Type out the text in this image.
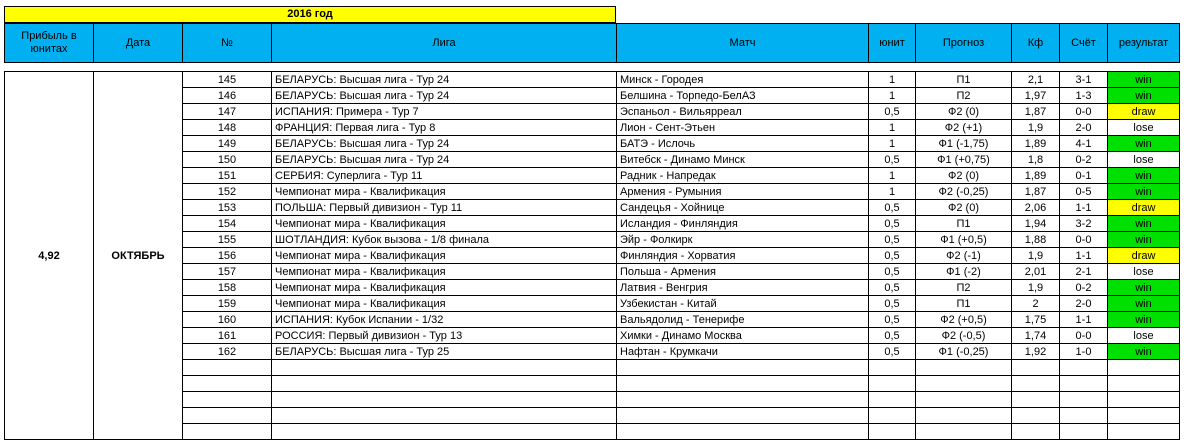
2016 год
Прибыль в юнитах	Дата	№	Лига	Матч	юнит	Прогноз	Кф	Счёт	результат
4,92	ОКТЯБРЬ	145	БЕЛАРУСЬ: Высшая лига - Тур 24	Минск - Городея	1	П1	2,1	3-1	win
		146	БЕЛАРУСЬ: Высшая лига - Тур 24	Белшина - Торпедо-БелАЗ	1	П2	1,97	1-3	win
		147	ИСПАНИЯ: Примера - Тур 7	Эспаньол - Вильярреал	0,5	Ф2 (0)	1,87	0-0	draw
		148	ФРАНЦИЯ: Первая лига - Тур 8	Лион - Сент-Этьен	1	Ф2 (+1)	1,9	2-0	lose
		149	БЕЛАРУСЬ: Высшая лига - Тур 24	БАТЭ - Ислочь	1	Ф1 (-1,75)	1,89	4-1	win
		150	БЕЛАРУСЬ: Высшая лига - Тур 24	Витебск - Динамо Минск	0,5	Ф1 (+0,75)	1,8	0-2	lose
		151	СЕРБИЯ: Суперлига - Тур 11	Радник - Напредак	1	Ф2 (0)	1,89	0-1	win
		152	Чемпионат мира - Квалификация	Армения - Румыния	1	Ф2 (-0,25)	1,87	0-5	win
		153	ПОЛЬША: Первый дивизион - Тур 11	Сандецья - Хойнице	0,5	Ф2 (0)	2,06	1-1	draw
		154	Чемпионат мира - Квалификация	Исландия - Финляндия	0,5	П1	1,94	3-2	win
		155	ШОТЛАНДИЯ: Кубок вызова - 1/8 финала	Эйр - Фолкирк	0,5	Ф1 (+0,5)	1,88	0-0	win
		156	Чемпионат мира - Квалификация	Финляндия - Хорватия	0,5	Ф2 (-1)	1,9	1-1	draw
		157	Чемпионат мира - Квалификация	Польша - Армения	0,5	Ф1 (-2)	2,01	2-1	lose
		158	Чемпионат мира - Квалификация	Латвия - Венгрия	0,5	П2	1,9	0-2	win
		159	Чемпионат мира - Квалификация	Узбекистан - Китай	0,5	П1	2	2-0	win
		160	ИСПАНИЯ: Кубок Испании - 1/32	Вальядолид - Тенерифе	0,5	Ф2 (+0,5)	1,75	1-1	win
		161	РОССИЯ: Первый дивизион - Тур 13	Химки - Динамо Москва	0,5	Ф2 (-0,5)	1,74	0-0	lose
		162	БЕЛАРУСЬ: Высшая лига - Тур 25	Нафтан - Крумкачи	0,5	Ф1 (-0,25)	1,92	1-0	win
